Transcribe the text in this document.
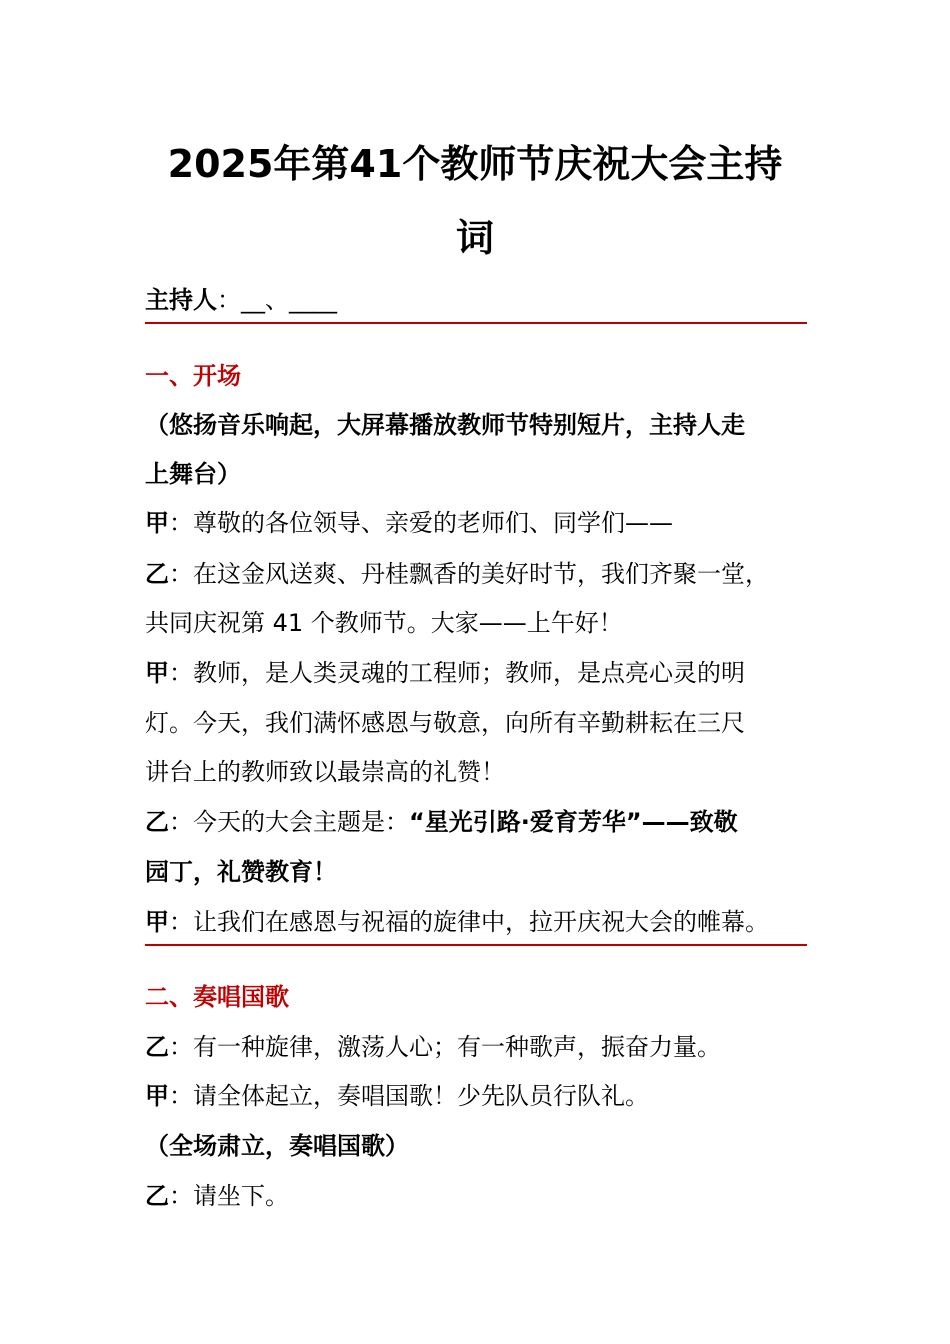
2025年第41个教师节庆祝大会主持
词
主持人：__、____
一、开场
（悠扬音乐响起，大屏幕播放教师节特别短片，主持人走
上舞台）
甲：尊敬的各位领导、亲爱的老师们、同学们——
乙：在这金风送爽、丹桂飘香的美好时节，我们齐聚一堂，
共同庆祝第 41 个教师节。大家——上午好！
甲：教师，是人类灵魂的工程师；教师，是点亮心灵的明
灯。今天，我们满怀感恩与敬意，向所有辛勤耕耘在三尺
讲台上的教师致以最崇高的礼赞！
乙：今天的大会主题是：“星光引路·爱育芳华”——致敬
园丁，礼赞教育！
甲：让我们在感恩与祝福的旋律中，拉开庆祝大会的帷幕。
二、奏唱国歌
乙：有一种旋律，激荡人心；有一种歌声，振奋力量。
甲：请全体起立，奏唱国歌！少先队员行队礼。
（全场肃立，奏唱国歌）
乙：请坐下。
